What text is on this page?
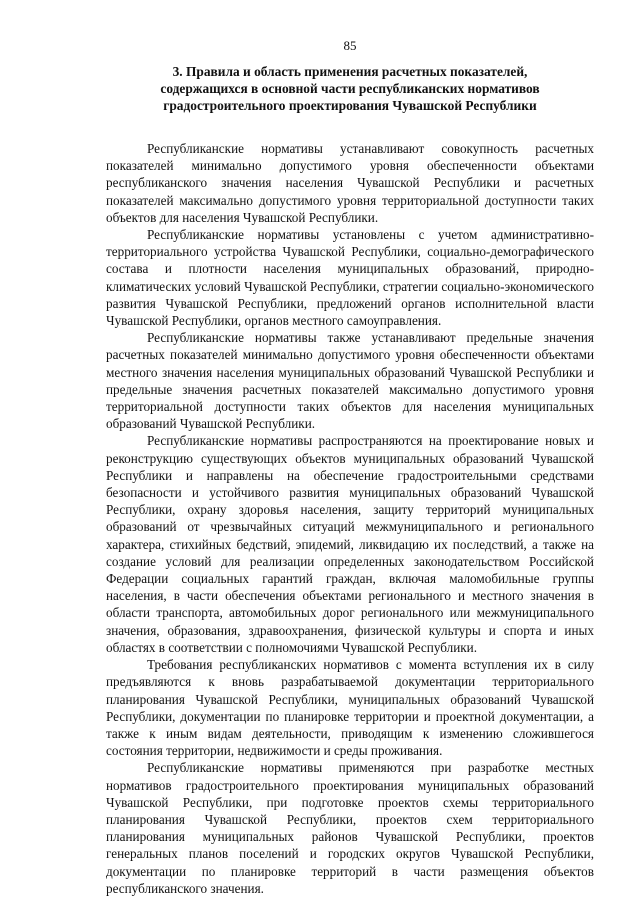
85
3. Правила и область применения расчетных показателей,
содержащихся в основной части республиканских нормативов
градостроительного проектирования Чувашской Республики

Республиканские нормативы устанавливают совокупность расчетных показателей минимально допустимого уровня обеспеченности объектами республиканского значения населения Чувашской Республики и расчетных показателей максимально допустимого уровня территориальной доступности таких объектов для населения Чувашской Республики.

Республиканские нормативы установлены с учетом административно-территориального устройства Чувашской Республики, социально-демографического состава и плотности населения муниципальных образований, природно-климатических условий Чувашской Республики, стратегии социально-экономического развития Чувашской Республики, предложений органов исполнительной власти Чувашской Республики, органов местного самоуправления.

Республиканские нормативы также устанавливают предельные значения расчетных показателей минимально допустимого уровня обеспеченности объектами местного значения населения муниципальных образований Чувашской Республики и предельные значения расчетных показателей максимально допустимого уровня территориальной доступности таких объектов для населения муниципальных образований Чувашской Республики.

Республиканские нормативы распространяются на проектирование новых и реконструкцию существующих объектов муниципальных образований Чувашской Республики и направлены на обеспечение градостроительными средствами безопасности и устойчивого развития муниципальных образований Чувашской Республики, охрану здоровья населения, защиту территорий муниципальных образований от чрезвычайных ситуаций межмуниципального и регионального характера, стихийных бедствий, эпидемий, ликвидацию их последствий, а также на создание условий для реализации определенных законодательством Российской Федерации социальных гарантий граждан, включая маломобильные группы населения, в части обеспечения объектами регионального и местного значения в области транспорта, автомобильных дорог регионального или межмуниципального значения, образования, здравоохранения, физической культуры и спорта и иных областях в соответствии с полномочиями Чувашской Республики.

Требования республиканских нормативов с момента вступления их в силу предъявляются к вновь разрабатываемой документации территориального планирования Чувашской Республики, муниципальных образований Чувашской Республики, документации по планировке территории и проектной документации, а также к иным видам деятельности, приводящим к изменению сложившегося состояния территории, недвижимости и среды проживания.

Республиканские нормативы применяются при разработке местных нормативов градостроительного проектирования муниципальных образований Чувашской Республики, при подготовке проектов схемы территориального планирования Чувашской Республики, проектов схем территориального планирования муниципальных районов Чувашской Республики, проектов генеральных планов поселений и городских округов Чувашской Республики, документации по планировке территорий в части размещения объектов республиканского значения.
